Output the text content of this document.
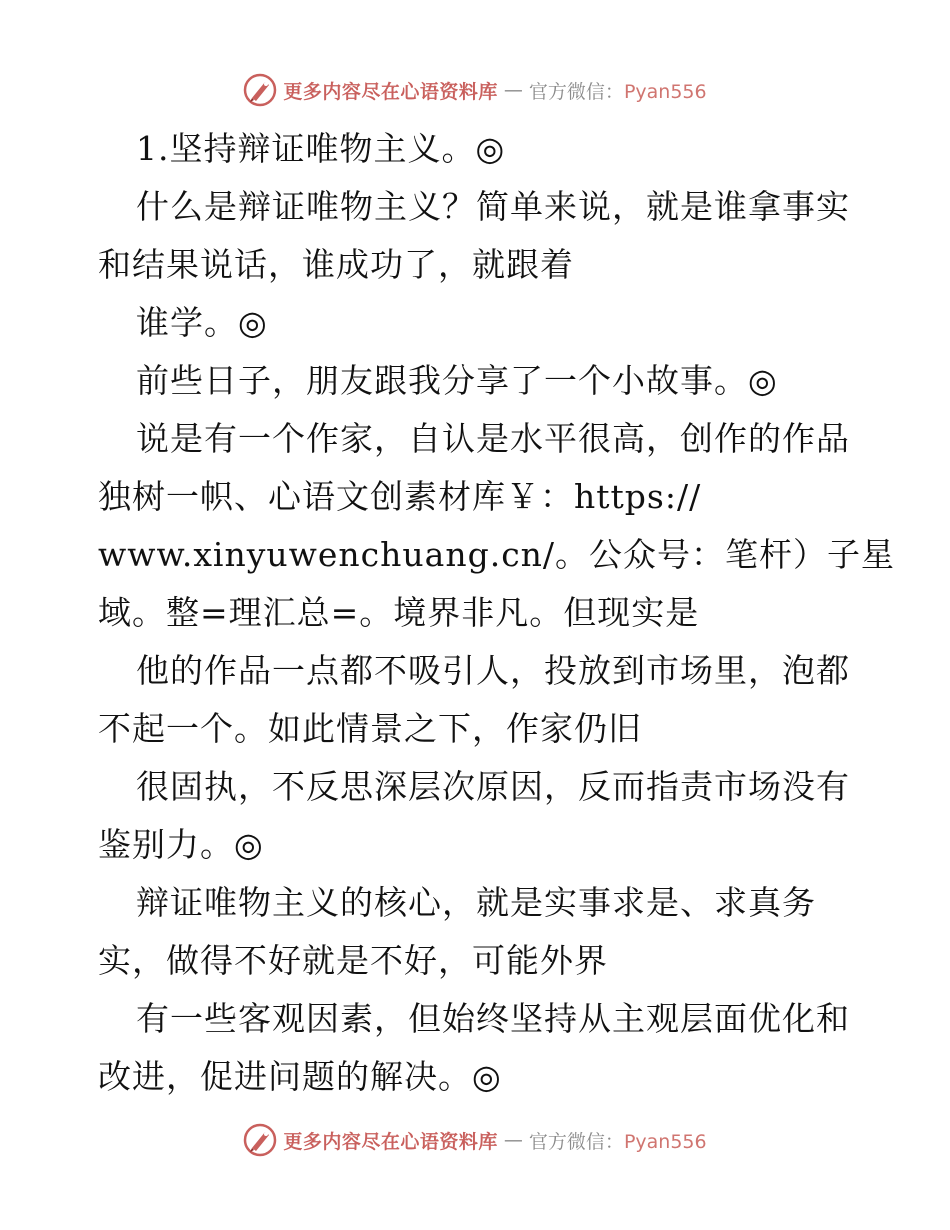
更多内容尽在心语资料库 — 官方微信：Pyan556
1.坚持辩证唯物主义。◎
什么是辩证唯物主义？简单来说，就是谁拿事实
和结果说话，谁成功了，就跟着
谁学。◎
前些日子，朋友跟我分享了一个小故事。◎
说是有一个作家，自认是水平很高，创作的作品
独树一帜、心语文创素材库￥：https://
www.xinyuwenchuang.cn/。公众号：笔杆）子星
域。整=理汇总=。境界非凡。但现实是
他的作品一点都不吸引人，投放到市场里，泡都
不起一个。如此情景之下，作家仍旧
很固执，不反思深层次原因，反而指责市场没有
鉴别力。◎
辩证唯物主义的核心，就是实事求是、求真务
实，做得不好就是不好，可能外界
有一些客观因素，但始终坚持从主观层面优化和
改进，促进问题的解决。◎
更多内容尽在心语资料库 — 官方微信：Pyan556
